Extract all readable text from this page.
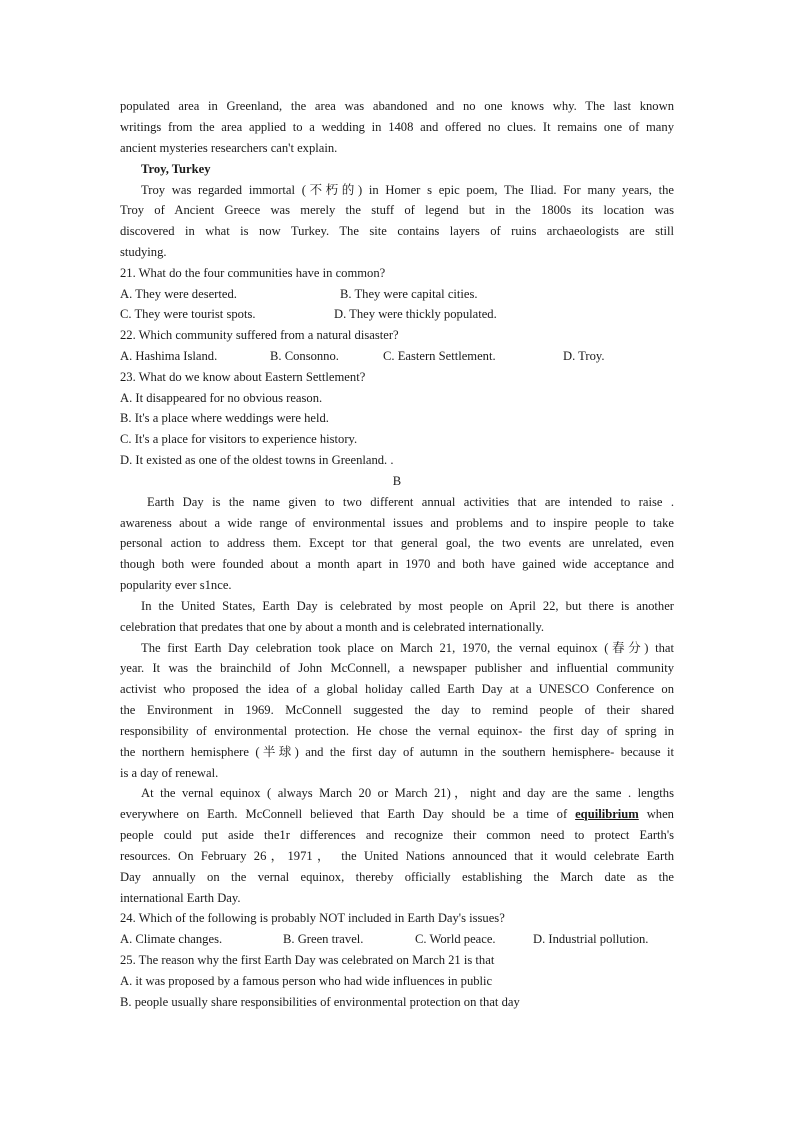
populated area in Greenland, the area was abandoned and no one knows why. The last known
writings from the area applied to a wedding in 1408 and offered no clues. It remains one of many
ancient mysteries researchers can't explain.
Troy, Turkey
Troy was regarded immortal (不朽的) in Homer s epic poem, The Iliad. For many years, the
Troy of Ancient Greece was merely the stuff of legend but in the 1800s its location was
discovered in what is now Turkey. The site contains layers of ruins archaeologists are still
studying.
21. What do the four communities have in common?
A. They were deserted.	B. They were capital cities.
C. They were tourist spots.	D. They were thickly populated.
22. Which community suffered from a natural disaster?
A. Hashima Island.	B. Consonno.	C. Eastern Settlement.	D. Troy.
23. What do we know about Eastern Settlement?
A. It disappeared for no obvious reason.
B. It's a place where weddings were held.
C. It's a place for visitors to experience history.
D. It existed as one of the oldest towns in Greenland. .
B
Earth Day is the name given to two different annual activities that are intended to raise .
awareness about a wide range of environmental issues and problems and to inspire people to take
personal action to address them. Except tor that general goal, the two events are unrelated, even
though both were founded about a month apart in 1970 and both have gained wide acceptance and
popularity ever s1nce.
In the United States, Earth Day is celebrated by most people on April 22, but there is another
celebration that predates that one by about a month and is celebrated internationally.
The first Earth Day celebration took place on March 21, 1970, the vernal equinox (春分) that
year. It was the brainchild of John McConnell, a newspaper publisher and influential community
activist who proposed the idea of a global holiday called Earth Day at a UNESCO Conference on
the Environment in 1969. McConnell suggested the day to remind people of their shared
responsibility of environmental protection. He chose the vernal equinox- the first day of spring in
the northern hemisphere (半球) and the first day of autumn in the southern hemisphere- because it
is a day of renewal.
At the vernal equinox ( always March 20 or March 21)，night and day are the same . lengths
everywhere on Earth. McConnell believed that Earth Day should be a time of equilibrium when
people could put aside the1r differences and recognize their common need to protect Earth's
resources. On February 26，1971， the United Nations announced that it would celebrate Earth
Day annually on the vernal equinox, thereby officially establishing the March date as the
international Earth Day.
24. Which of the following is probably NOT included in Earth Day's issues?
A. Climate changes.	B. Green travel.	C. World peace.	D. Industrial pollution.
25. The reason why the first Earth Day was celebrated on March 21 is that
A. it was proposed by a famous person who had wide influences in public
B. people usually share responsibilities of environmental protection on that day
